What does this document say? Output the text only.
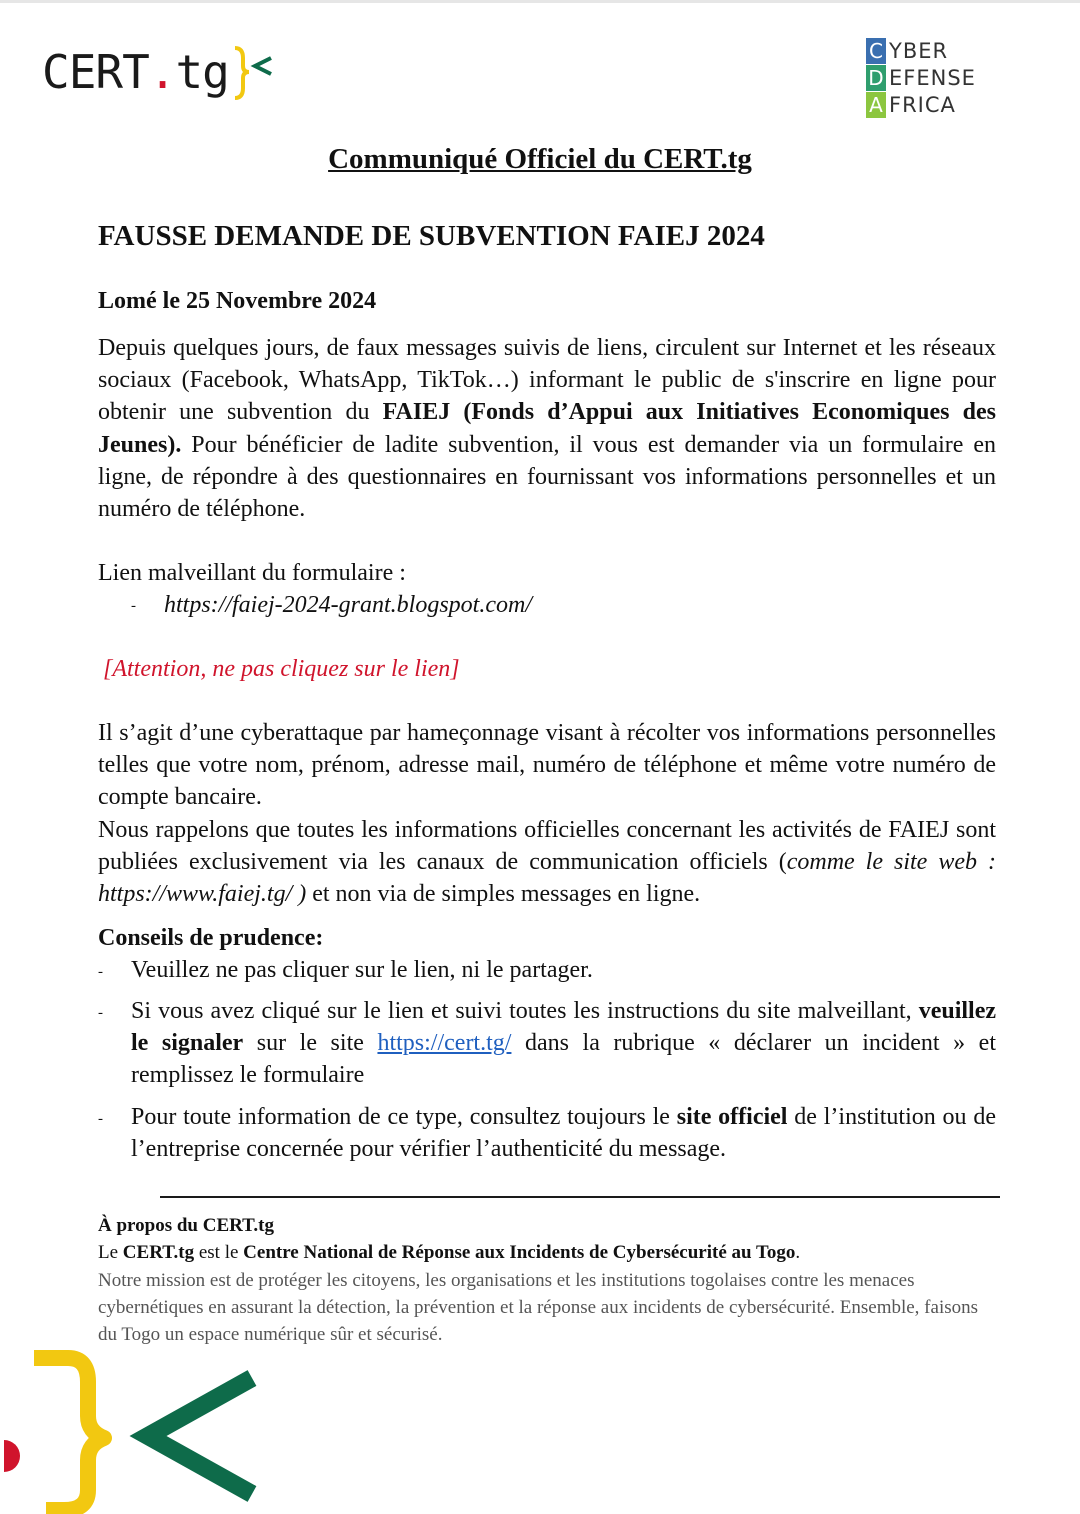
CERT.tg	C YBER
D EFENSE
A FRICA
Communiqué Officiel du CERT.tg
FAUSSE DEMANDE DE SUBVENTION FAIEJ 2024
Lomé le 25 Novembre 2024
Depuis quelques jours, de faux messages suivis de liens, circulent sur Internet et les réseaux sociaux (Facebook, WhatsApp, TikTok…) informant le public de s'inscrire en ligne pour obtenir une subvention du FAIEJ (Fonds d’Appui aux Initiatives Economiques des Jeunes). Pour bénéficier de ladite subvention, il vous est demander via un formulaire en ligne, de répondre à des questionnaires en fournissant vos informations personnelles et un numéro de téléphone.
Lien malveillant du formulaire :
- https://faiej-2024-grant.blogspot.com/
[Attention, ne pas cliquez sur le lien]
Il s’agit d’une cyberattaque par hameçonnage visant à récolter vos informations personnelles telles que votre nom, prénom, adresse mail, numéro de téléphone et même votre numéro de compte bancaire.
Nous rappelons que toutes les informations officielles concernant les activités de FAIEJ sont publiées exclusivement via les canaux de communication officiels (comme le site web : https://www.faiej.tg/ ) et non via de simples messages en ligne.
Conseils de prudence:
- Veuillez ne pas cliquer sur le lien, ni le partager.
- Si vous avez cliqué sur le lien et suivi toutes les instructions du site malveillant, veuillez le signaler sur le site https://cert.tg/ dans la rubrique « déclarer un incident » et remplissez le formulaire
- Pour toute information de ce type, consultez toujours le site officiel de l’institution ou de l’entreprise concernée pour vérifier l’authenticité du message.
À propos du CERT.tg
Le CERT.tg est le Centre National de Réponse aux Incidents de Cybersécurité au Togo.
Notre mission est de protéger les citoyens, les organisations et les institutions togolaises contre les menaces cybernétiques en assurant la détection, la prévention et la réponse aux incidents de cybersécurité. Ensemble, faisons du Togo un espace numérique sûr et sécurisé.
